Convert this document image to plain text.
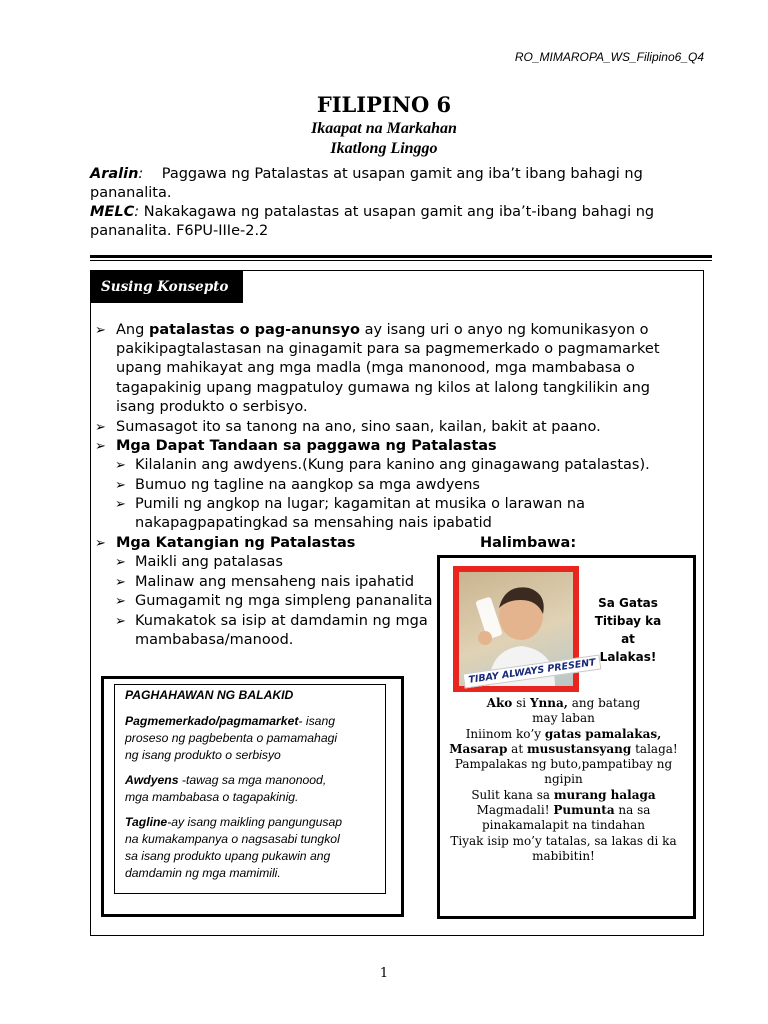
RO_MIMAROPA_WS_Filipino6_Q4
FILIPINO 6
Ikaapat na Markahan
Ikatlong Linggo
Aralin: Paggawa ng Patalastas at usapan gamit ang iba’t ibang bahagi ng
pananalita.
MELC: Nakakagawa ng patalastas at usapan gamit ang iba’t-ibang bahagi ng
pananalita. F6PU-IIIe-2.2
Susing Konsepto
➢ Ang patalastas o pag-anunsyo ay isang uri o anyo ng komunikasyon o
pakikipagtalastasan na ginagamit para sa pagmemerkado o pagmamarket
upang mahikayat ang mga madla (mga manonood, mga mambabasa o
tagapakinig upang magpatuloy gumawa ng kilos at lalong tangkilikin ang
isang produkto o serbisyo.
➢ Sumasagot ito sa tanong na ano, sino saan, kailan, bakit at paano.
➢ Mga Dapat Tandaan sa paggawa ng Patalastas
➢ Kilalanin ang awdyens.(Kung para kanino ang ginagawang patalastas).
➢ Bumuo ng tagline na aangkop sa mga awdyens
➢ Pumili ng angkop na lugar; kagamitan at musika o larawan na
nakapagpapatingkad sa mensahing nais ipabatid
➢ Mga Katangian ng Patalastas
➢ Maikli ang patalasas
➢ Malinaw ang mensaheng nais ipahatid
➢ Gumagamit ng mga simpleng pananalita
➢ Kumakatok sa isip at damdamin ng mga
mambabasa/manood.
Halimbawa:
TIBAY ALWAYS PRESENT
Sa Gatas
Titibay ka at
Lalakas!
Ako si Ynna, ang batang
may laban
Iniinom ko’y gatas pamalakas,
Masarap at musustansyang talaga!
Pampalakas ng buto,pampatibay ng
ngipin
Sulit kana sa murang halaga
Magmadali! Pumunta na sa
pinakamalapit na tindahan
Tiyak isip mo’y tatalas, sa lakas di ka
mabibitin!
PAGHAHAWAN NG BALAKID
Pagmemerkado/pagmamarket- isang
proseso ng pagbebenta o pamamahagi
ng isang produkto o serbisyo
Awdyens -tawag sa mga manonood,
mga mambabasa o tagapakinig.
Tagline-ay isang maikling pangungusap
na kumakampanya o nagsasabi tungkol
sa isang produkto upang pukawin ang
damdamin ng mga mamimili.
1
